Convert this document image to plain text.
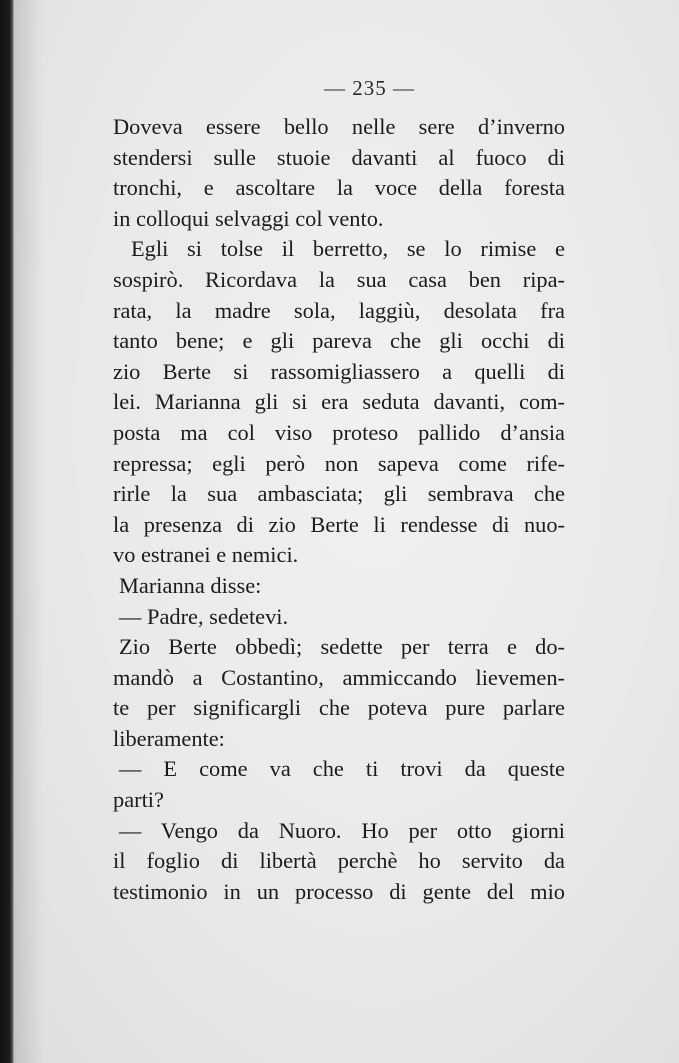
— 235 —
Doveva essere bello nelle sere d’inverno
stendersi sulle stuoie davanti al fuoco di
tronchi, e ascoltare la voce della foresta
in colloqui selvaggi col vento.
Egli si tolse il berretto, se lo rimise e
sospirò. Ricordava la sua casa ben ripa-
rata, la madre sola, laggiù, desolata fra
tanto bene; e gli pareva che gli occhi di
zio Berte si rassomigliassero a quelli di
lei. Marianna gli si era seduta davanti, com-
posta ma col viso proteso pallido d’ansia
repressa; egli però non sapeva come rife-
rirle la sua ambasciata; gli sembrava che
la presenza di zio Berte li rendesse di nuo-
vo estranei e nemici.
Marianna disse:
— Padre, sedetevi.
Zio Berte obbedì; sedette per terra e do-
mandò a Costantino, ammiccando lievemen-
te per significargli che poteva pure parlare
liberamente:
— E come va che ti trovi da queste
parti?
— Vengo da Nuoro. Ho per otto giorni
il foglio di libertà perchè ho servito da
testimonio in un processo di gente del mio
